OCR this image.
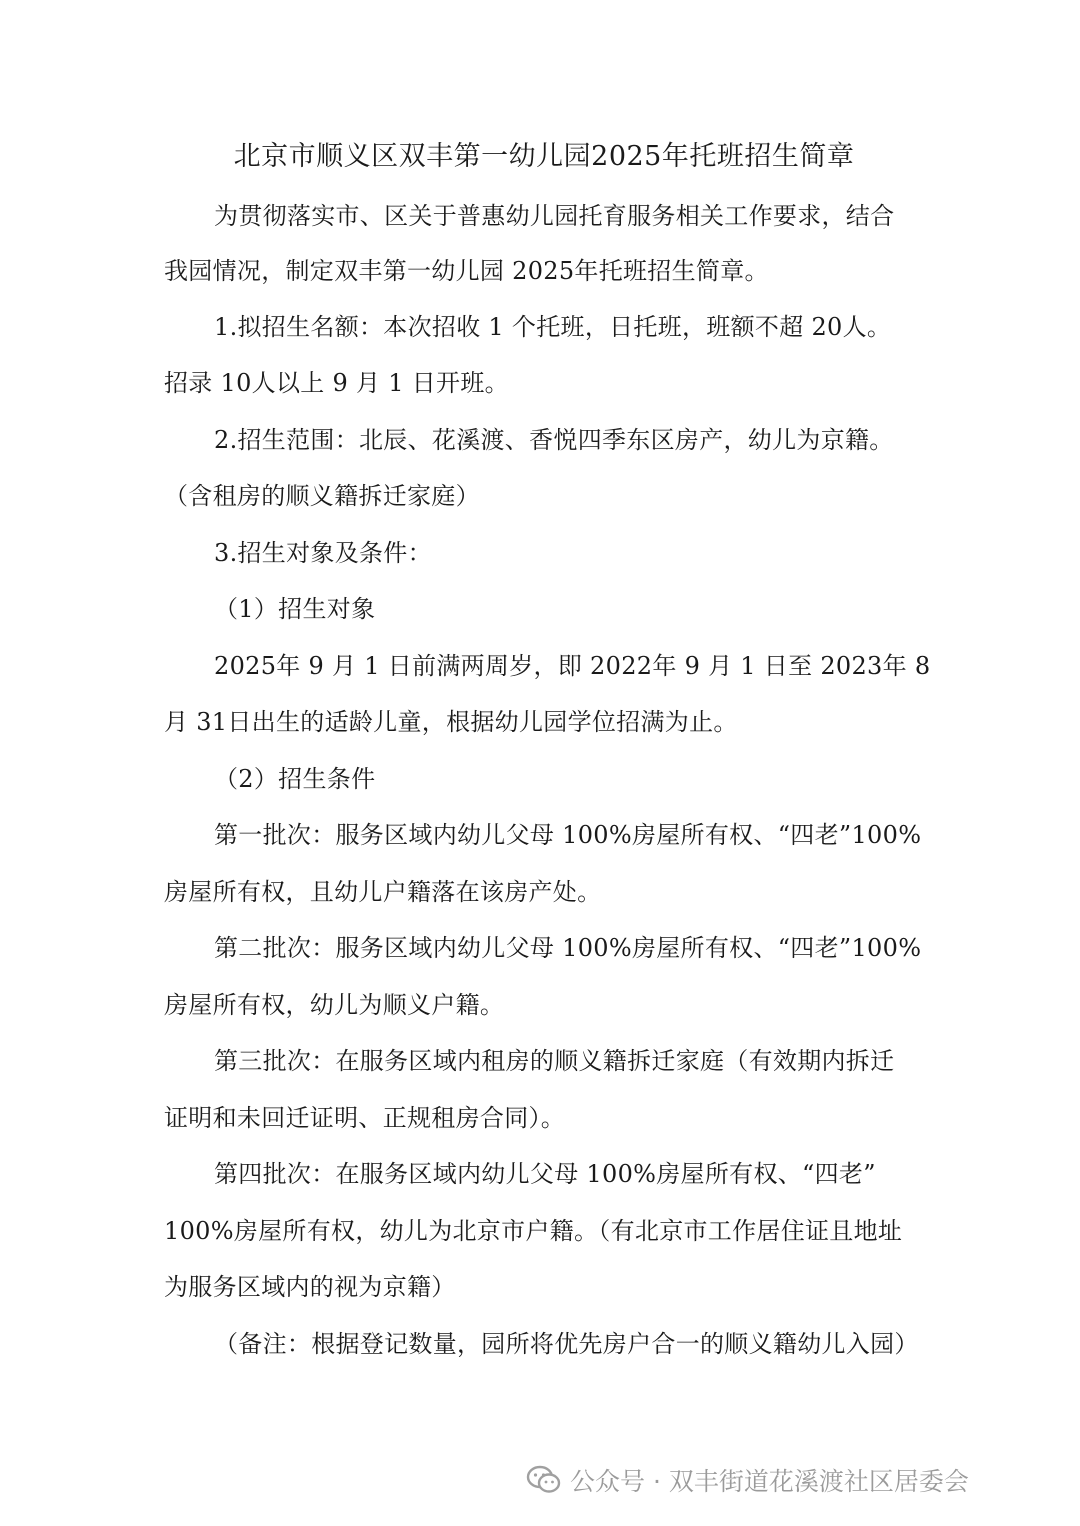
北京市顺义区双丰第一幼儿园2025年托班招生简章
为贯彻落实市、区关于普惠幼儿园托育服务相关工作要求，结合
我园情况，制定双丰第一幼儿园 2025年托班招生简章。
1.拟招生名额：本次招收 1 个托班，日托班，班额不超 20人。
招录 10人以上 9 月 1 日开班。
2.招生范围：北辰、花溪渡、香悦四季东区房产，幼儿为京籍。
（含租房的顺义籍拆迁家庭）
3.招生对象及条件：
（1）招生对象
2025年 9 月 1 日前满两周岁，即 2022年 9 月 1 日至 2023年 8
月 31日出生的适龄儿童，根据幼儿园学位招满为止。
（2）招生条件
第一批次：服务区域内幼儿父母 100%房屋所有权、“四老”100%
房屋所有权，且幼儿户籍落在该房产处。
第二批次：服务区域内幼儿父母 100%房屋所有权、“四老”100%
房屋所有权，幼儿为顺义户籍。
第三批次：在服务区域内租房的顺义籍拆迁家庭（有效期内拆迁
证明和未回迁证明、正规租房合同）。
第四批次：在服务区域内幼儿父母 100%房屋所有权、“四老”
100%房屋所有权，幼儿为北京市户籍。（有北京市工作居住证且地址
为服务区域内的视为京籍）
（备注：根据登记数量，园所将优先房户合一的顺义籍幼儿入园）
公众号 · 双丰街道花溪渡社区居委会
